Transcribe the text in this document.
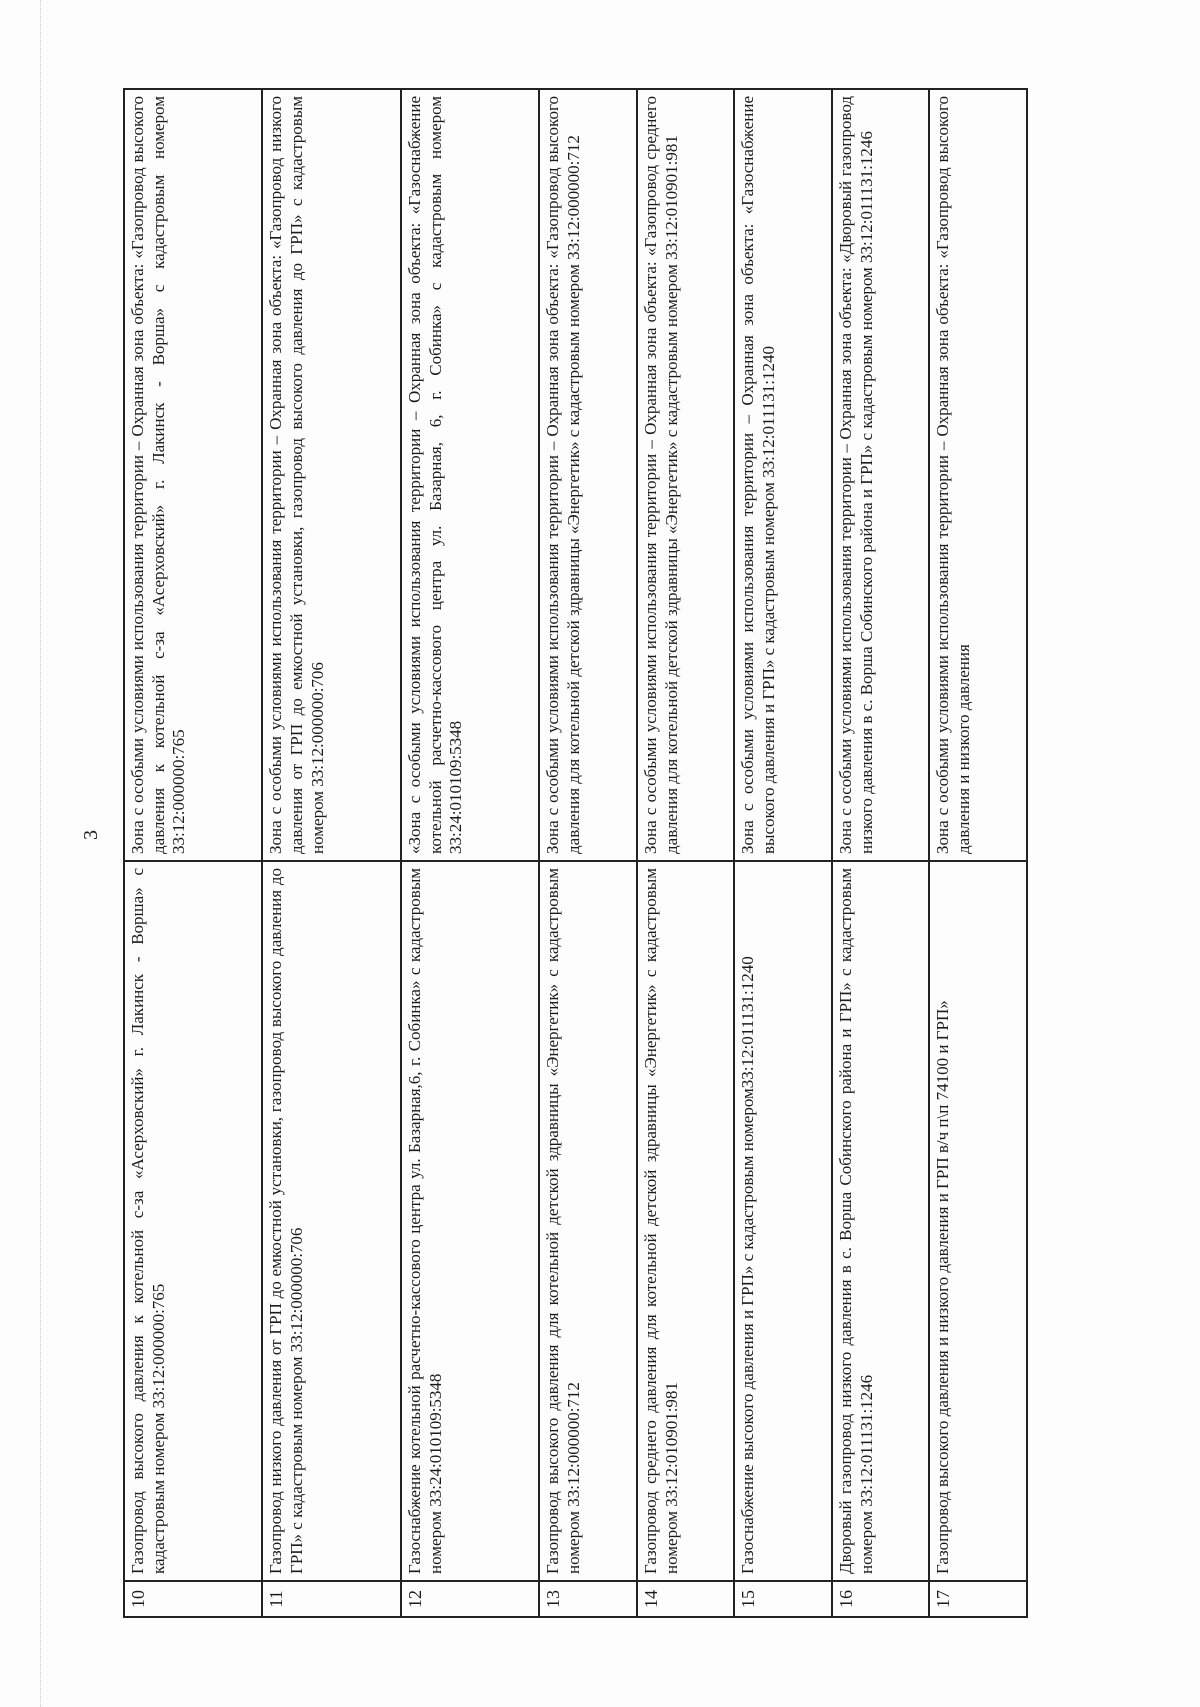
3
10	Газопровод высокого давления к котельной с-за «Асерховский» г. Лакинск - Ворша» с кадастровым номером 33:12:000000:765	Зона с особыми условиями использования территории – Охранная зона объекта: «Газопровод высокого давления к котельной с-за «Асерховский» г. Лакинск - Ворша» с кадастровым номером 33:12:000000:765
11	Газопровод низкого давления от ГРП до емкостной установки, газопровод высокого давления до ГРП» с кадастровым номером 33:12:000000:706	Зона с особыми условиями использования территории – Охранная зона объекта: «Газопровод низкого давления от ГРП до емкостной установки, газопровод высокого давления до ГРП» с кадастровым номером 33:12:000000:706
12	Газоснабжение котельной расчетно-кассового центра ул. Базарная,6, г. Собинка» с кадастровым номером 33:24:010109:5348	«Зона с особыми условиями использования территории – Охранная зона объекта: «Газоснабжение котельной расчетно-кассового центра ул. Базарная, 6, г. Собинка» с кадастровым номером 33:24:010109:5348
13	Газопровод высокого давления для котельной детской здравницы «Энергетик» с кадастровым номером 33:12:000000:712	Зона с особыми условиями использования территории – Охранная зона объекта: «Газопровод высокого давления для котельной детской здравницы «Энергетик» с кадастровым номером 33:12:000000:712
14	Газопровод среднего давления для котельной детской здравницы «Энергетик» с кадастровым номером 33:12:010901:981	Зона с особыми условиями использования территории – Охранная зона объекта: «Газопровод среднего давления для котельной детской здравницы «Энергетик» с кадастровым номером 33:12:010901:981
15	Газоснабжение высокого давления и ГРП» с кадастровым номером33:12:011131:1240	Зона с особыми условиями использования территории – Охранная зона объекта: «Газоснабжение высокого давления и ГРП» с кадастровым номером 33:12:011131:1240
16	Дворовый газопровод низкого давления в с. Ворша Собинского района и ГРП» с кадастровым номером 33:12:011131:1246	Зона с особыми условиями использования территории – Охранная зона объекта: «Дворовый газопровод низкого давления в с. Ворша Собинского района и ГРП» с кадастровым номером 33:12:011131:1246
17	Газопровод высокого давления и низкого давления и ГРП в/ч п\п 74100 и ГРП»	Зона с особыми условиями использования территории – Охранная зона объекта: «Газопровод высокого давления и низкого давления
